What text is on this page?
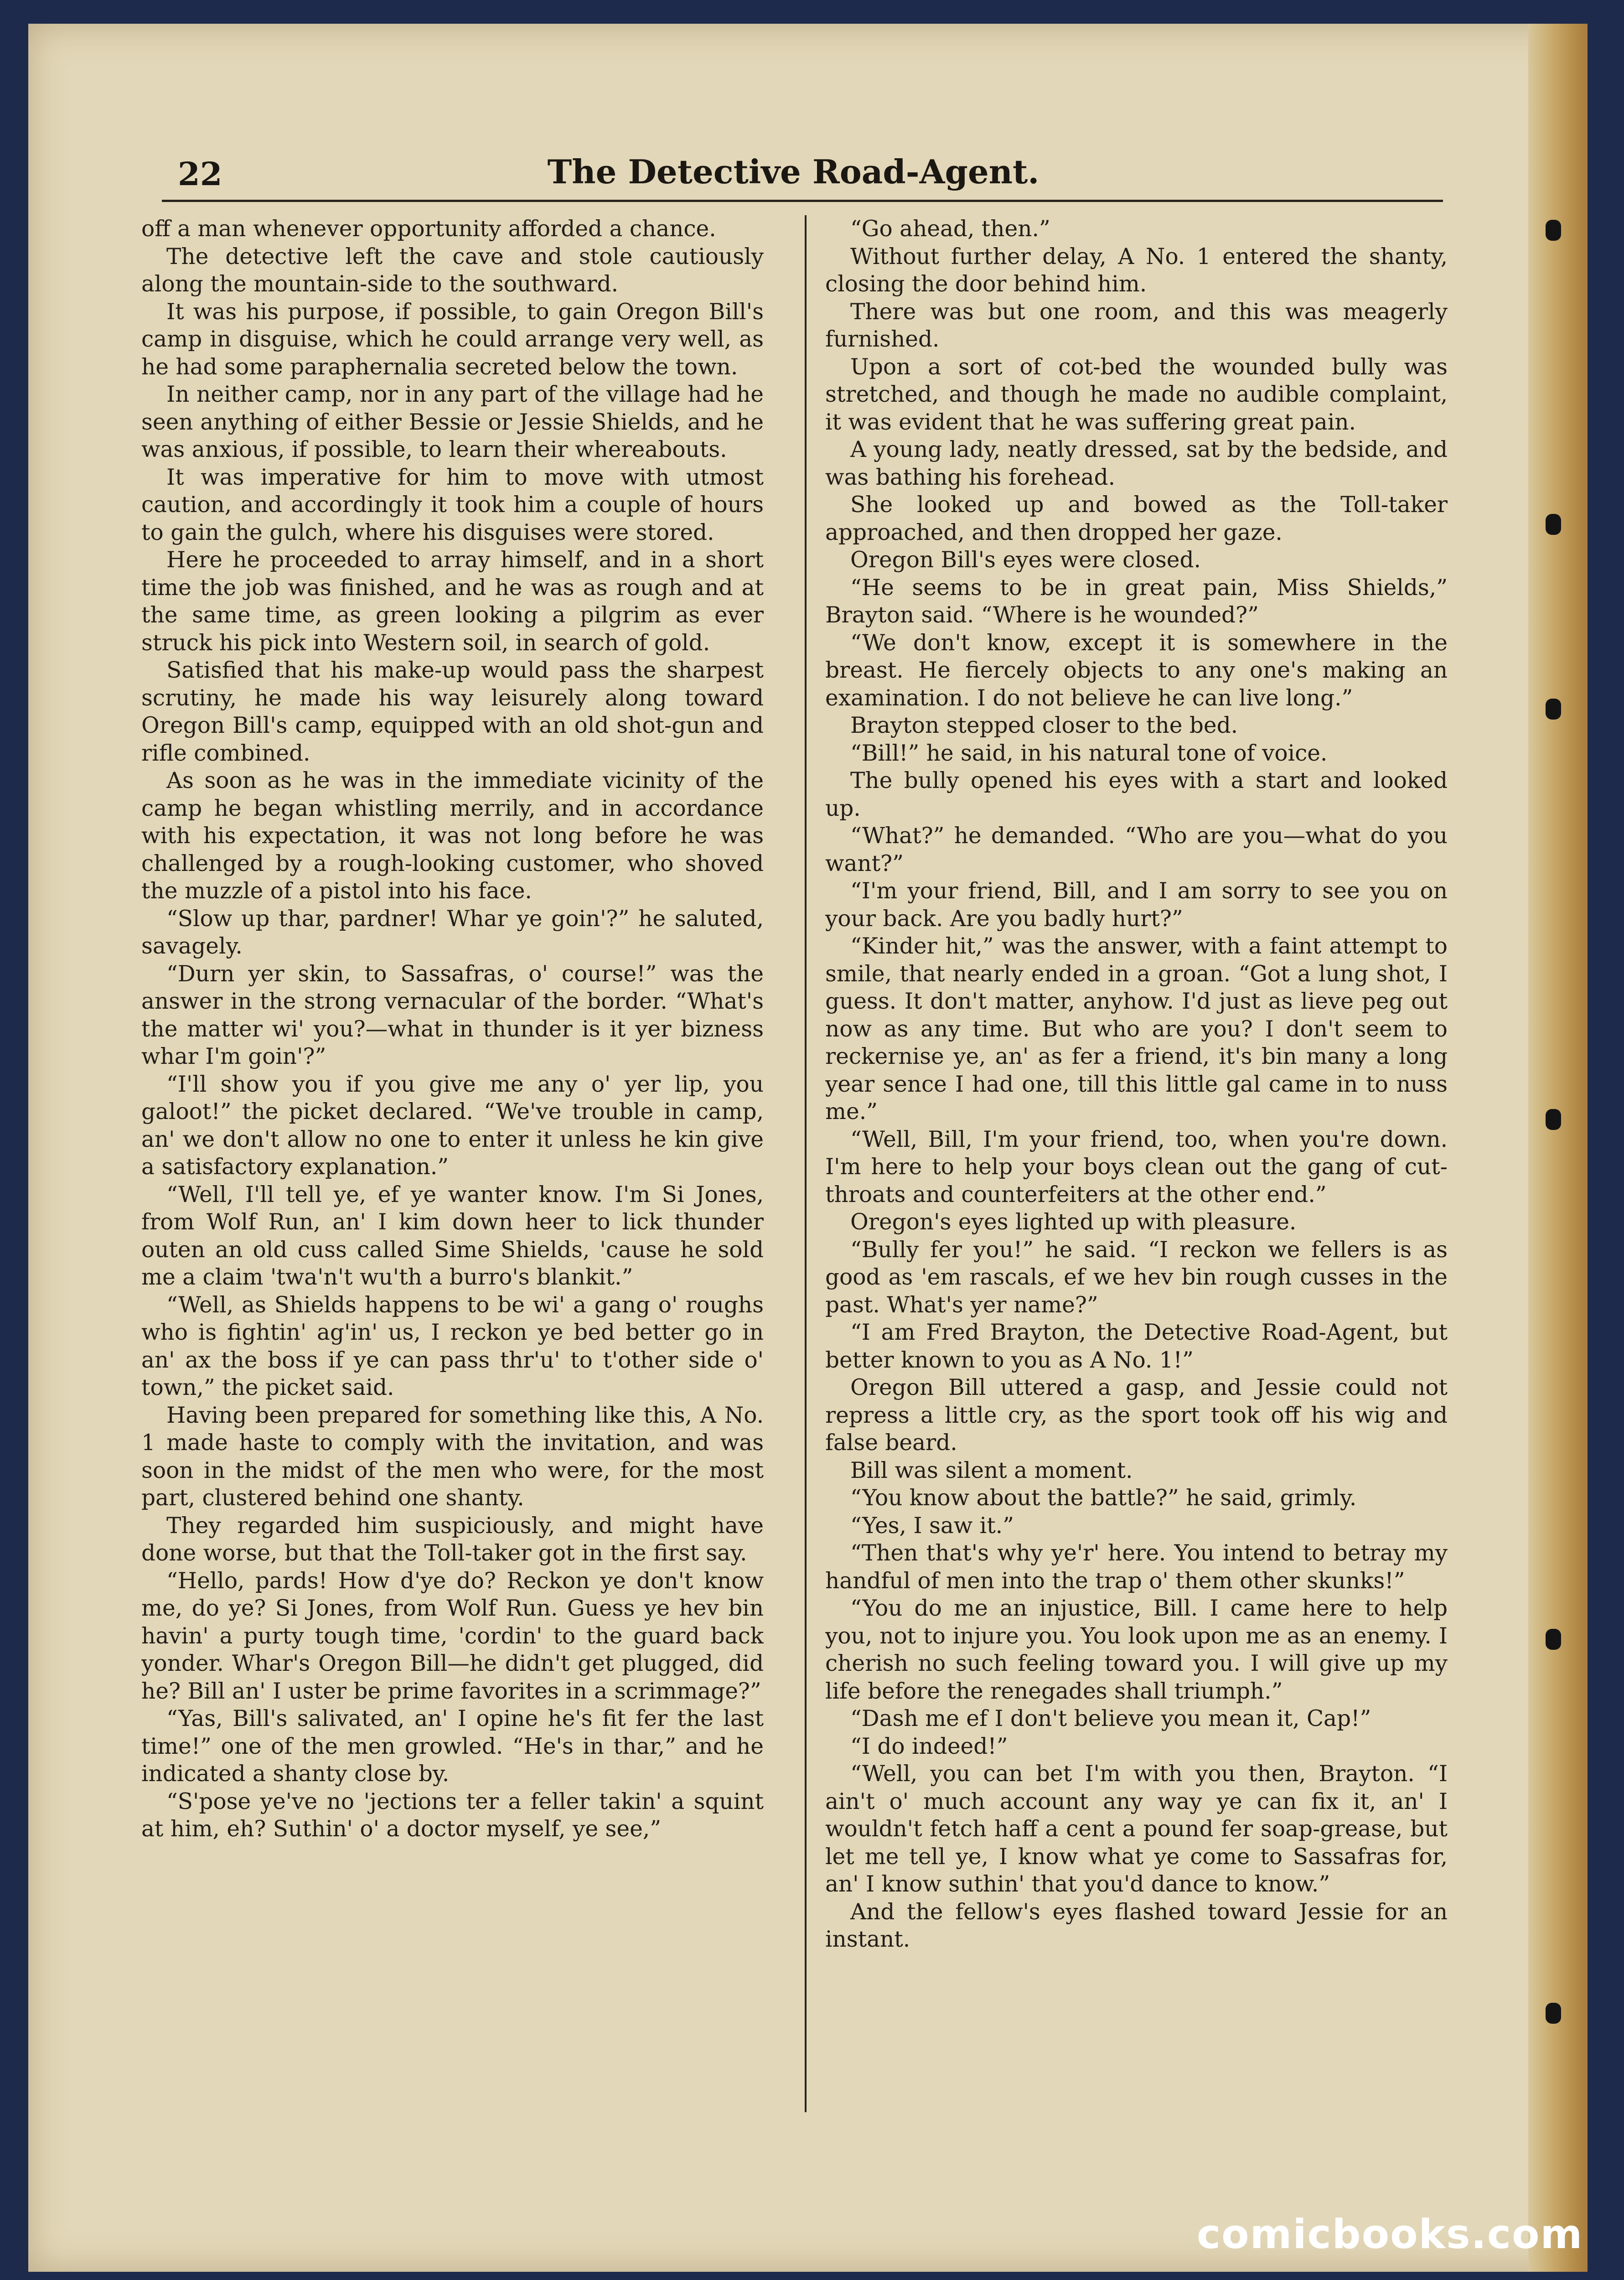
22	The Detective Road-Agent.

off a man whenever opportunity afforded a chance.

The detective left the cave and stole cautiously along the mountain-side to the southward.

It was his purpose, if possible, to gain Oregon Bill's camp in disguise, which he could arrange very well, as he had some paraphernalia secreted below the town.

In neither camp, nor in any part of the village had he seen anything of either Bessie or Jessie Shields, and he was anxious, if possible, to learn their whereabouts.

It was imperative for him to move with utmost caution, and accordingly it took him a couple of hours to gain the gulch, where his disguises were stored.

Here he proceeded to array himself, and in a short time the job was finished, and he was as rough and at the same time, as green looking a pilgrim as ever struck his pick into Western soil, in search of gold.

Satisfied that his make-up would pass the sharpest scrutiny, he made his way leisurely along toward Oregon Bill's camp, equipped with an old shot-gun and rifle combined.

As soon as he was in the immediate vicinity of the camp he began whistling merrily, and in accordance with his expectation, it was not long before he was challenged by a rough-looking customer, who shoved the muzzle of a pistol into his face.

“Slow up thar, pardner! Whar ye goin'?” he saluted, savagely.

“Durn yer skin, to Sassafras, o' course!” was the answer in the strong vernacular of the border. “What's the matter wi' you?—what in thunder is it yer bizness whar I'm goin'?”

“I'll show you if you give me any o' yer lip, you galoot!” the picket declared. “We've trouble in camp, an' we don't allow no one to enter it unless he kin give a satisfactory explanation.”

“Well, I'll tell ye, ef ye wanter know. I'm Si Jones, from Wolf Run, an' I kim down heer to lick thunder outen an old cuss called Sime Shields, 'cause he sold me a claim 'twa'n't wu'th a burro's blankit.”

“Well, as Shields happens to be wi' a gang o' roughs who is fightin' ag'in' us, I reckon ye bed better go in an' ax the boss if ye can pass thr'u' to t'other side o' town,” the picket said.

Having been prepared for something like this, A No. 1 made haste to comply with the invitation, and was soon in the midst of the men who were, for the most part, clustered behind one shanty.

They regarded him suspiciously, and might have done worse, but that the Toll-taker got in the first say.

“Hello, pards! How d'ye do? Reckon ye don't know me, do ye? Si Jones, from Wolf Run. Guess ye hev bin havin' a purty tough time, 'cordin' to the guard back yonder. Whar's Oregon Bill—he didn't get plugged, did he? Bill an' I uster be prime favorites in a scrimmage?”

“Yas, Bill's salivated, an' I opine he's fit fer the last time!” one of the men growled. “He's in thar,” and he indicated a shanty close by.

“S'pose ye've no 'jections ter a feller takin' a squint at him, eh? Suthin' o' a doctor myself, ye see,”

“Go ahead, then.”

Without further delay, A No. 1 entered the shanty, closing the door behind him.

There was but one room, and this was meagerly furnished.

Upon a sort of cot-bed the wounded bully was stretched, and though he made no audible complaint, it was evident that he was suffering great pain.

A young lady, neatly dressed, sat by the bedside, and was bathing his forehead.

She looked up and bowed as the Toll-taker approached, and then dropped her gaze.

Oregon Bill's eyes were closed.

“He seems to be in great pain, Miss Shields,” Brayton said. “Where is he wounded?”

“We don't know, except it is somewhere in the breast. He fiercely objects to any one's making an examination. I do not believe he can live long.”

Brayton stepped closer to the bed.

“Bill!” he said, in his natural tone of voice.

The bully opened his eyes with a start and looked up.

“What?” he demanded. “Who are you—what do you want?”

“I'm your friend, Bill, and I am sorry to see you on your back. Are you badly hurt?”

“Kinder hit,” was the answer, with a faint attempt to smile, that nearly ended in a groan. “Got a lung shot, I guess. It don't matter, anyhow. I'd just as lieve peg out now as any time. But who are you? I don't seem to reckernise ye, an' as fer a friend, it's bin many a long year sence I had one, till this little gal came in to nuss me.”

“Well, Bill, I'm your friend, too, when you're down. I'm here to help your boys clean out the gang of cut-throats and counterfeiters at the other end.”

Oregon's eyes lighted up with pleasure.

“Bully fer you!” he said. “I reckon we fellers is as good as 'em rascals, ef we hev bin rough cusses in the past. What's yer name?”

“I am Fred Brayton, the Detective Road-Agent, but better known to you as A No. 1!”

Oregon Bill uttered a gasp, and Jessie could not repress a little cry, as the sport took off his wig and false beard.

Bill was silent a moment.

“You know about the battle?” he said, grimly.

“Yes, I saw it.”

“Then that's why ye'r' here. You intend to betray my handful of men into the trap o' them other skunks!”

“You do me an injustice, Bill. I came here to help you, not to injure you. You look upon me as an enemy. I cherish no such feeling toward you. I will give up my life before the renegades shall triumph.”

“Dash me ef I don't believe you mean it, Cap!”

“I do indeed!”

“Well, you can bet I'm with you then, Brayton. “I ain't o' much account any way ye can fix it, an' I wouldn't fetch haff a cent a pound fer soap-grease, but let me tell ye, I know what ye come to Sassafras for, an' I know suthin' that you'd dance to know.”

And the fellow's eyes flashed toward Jessie for an instant.

comicbooks.com
